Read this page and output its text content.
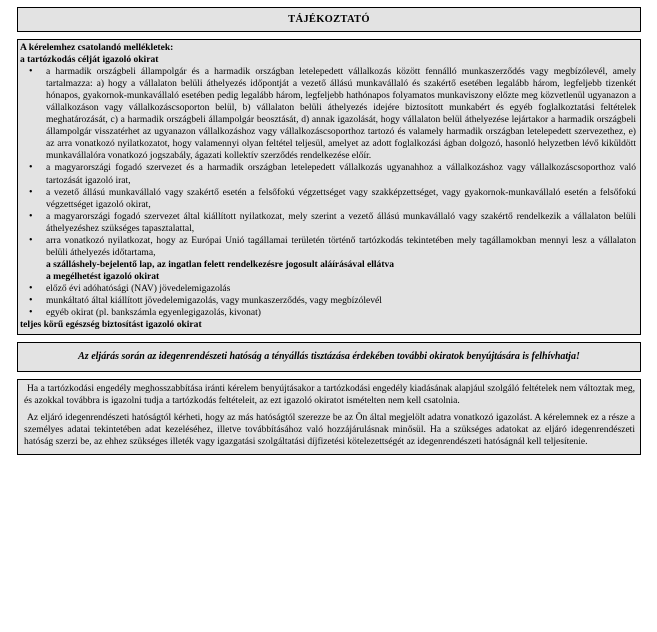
TÁJÉKOZTATÓ

A kérelemhez csatolandó mellékletek:

a tartózkodás célját igazoló okirat

• a harmadik országbeli állampolgár és a harmadik országban letelepedett vállalkozás között fennálló munkaszerződés vagy megbízólevél, amely tartalmazza: a) hogy a vállalaton belüli áthelyezés időpontját a vezető állású munkavállaló és szakértő esetében legalább három, legfeljebb tizenkét hónapos, gyakornok-munkavállaló esetében pedig legalább három, legfeljebb hathónapos folyamatos munkaviszony előzte meg közvetlenül ugyanazon a vállalkozáson vagy vállalkozáscsoporton belül, b) vállalaton belüli áthelyezés idejére biztosított munkabért és egyéb foglalkoztatási feltételek meghatározását, c) a harmadik országbeli állampolgár beosztását, d) annak igazolását, hogy vállalaton belül áthelyezése lejártakor a harmadik országbeli állampolgár visszatérhet az ugyanazon vállalkozáshoz vagy vállalkozáscsoporthoz tartozó és valamely harmadik országban letelepedett szervezethez, e) az arra vonatkozó nyilatkozatot, hogy valamennyi olyan feltétel teljesül, amelyet az adott foglalkozási ágban dolgozó, hasonló helyzetben lévő kiküldött munkavállalóra vonatkozó jogszabály, ágazati kollektív szerződés rendelkezése előír.
• a magyarországi fogadó szervezet és a harmadik országban letelepedett vállalkozás ugyanahhoz a vállalkozáshoz vagy vállalkozáscsoporthoz való tartozását igazoló irat,
• a vezető állású munkavállaló vagy szakértő esetén a felsőfokú végzettséget vagy szakképzettséget, vagy gyakornok-munkavállaló esetén a felsőfokú végzettséget igazoló okirat,
• a magyarországi fogadó szervezet által kiállított nyilatkozat, mely szerint a vezető állású munkavállaló vagy szakértő rendelkezik a vállalaton belüli áthelyezéshez szükséges tapasztalattal,
• arra vonatkozó nyilatkozat, hogy az Európai Unió tagállamai területén történő tartózkodás tekintetében mely tagállamokban mennyi lesz a vállalaton belüli áthelyezés időtartama,
a szálláshely-bejelentő lap, az ingatlan felett rendelkezésre jogosult aláírásával ellátva
a megélhetést igazoló okirat
• előző évi adóhatósági (NAV) jövedelemigazolás
• munkáltató által kiállított jövedelemigazolás, vagy munkaszerződés, vagy megbízólevél
• egyéb okirat (pl. bankszámla egyenlegigazolás, kivonat)

teljes körű egészség biztosítást igazoló okirat

Az eljárás során az idegenrendészeti hatóság a tényállás tisztázása érdekében további okiratok benyújtására is felhívhatja!

Ha a tartózkodási engedély meghosszabbítása iránti kérelem benyújtásakor a tartózkodási engedély kiadásának alapjául szolgáló feltételek nem változtak meg, és azokkal továbbra is igazolni tudja a tartózkodás feltételeit, az ezt igazoló okiratot ismételten nem kell csatolnia.

Az eljáró idegenrendészeti hatóságtól kérheti, hogy az más hatóságtól szerezze be az Ön által megjelölt adatra vonatkozó igazolást. A kérelemnek ez a része a személyes adatai tekintetében adat kezeléséhez, illetve továbbításához való hozzájárulásnak minősül. Ha a szükséges adatokat az eljáró idegenrendészeti hatóság szerzi be, az ehhez szükséges illeték vagy igazgatási szolgáltatási díjfizetési kötelezettségét az idegenrendészeti hatóságnál kell teljesítenie.
